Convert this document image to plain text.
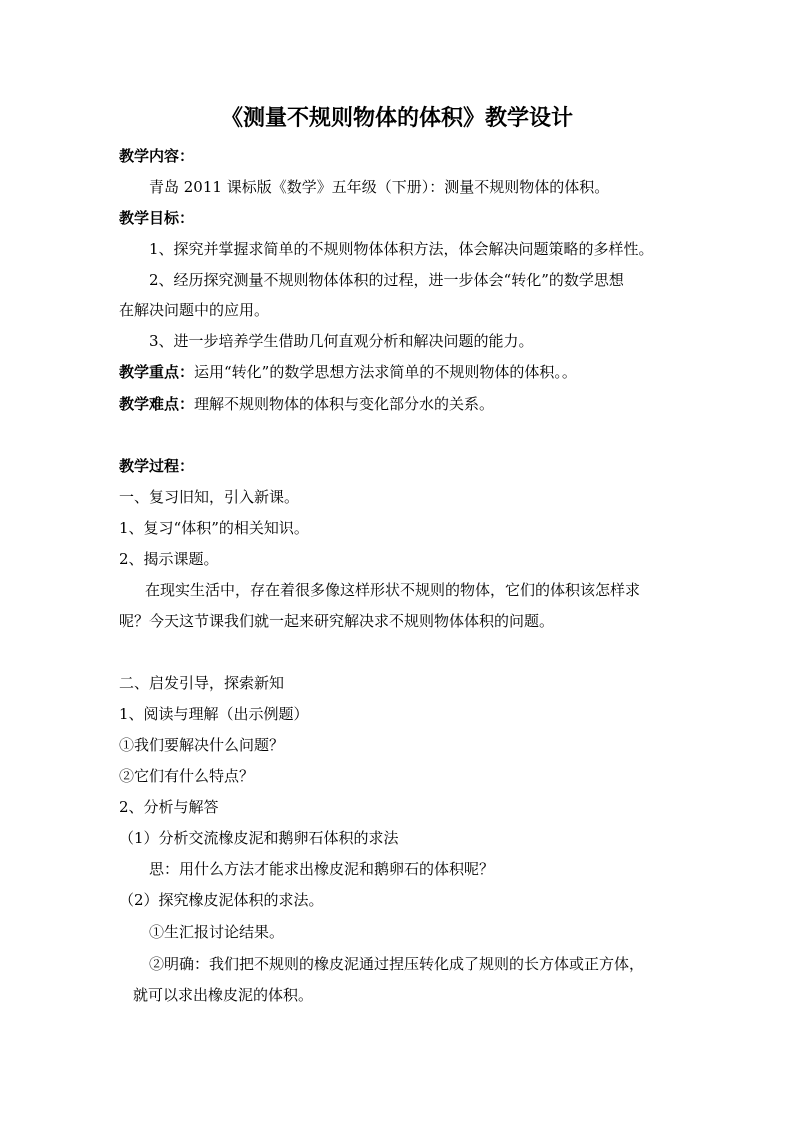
《测量不规则物体的体积》教学设计
教学内容：
青岛 2011 课标版《数学》五年级（下册）：测量不规则物体的体积。
教学目标：
1、探究并掌握求简单的不规则物体体积方法，体会解决问题策略的多样性。
2、经历探究测量不规则物体体积的过程，进一步体会“转化”的数学思想
在解决问题中的应用。
3、进一步培养学生借助几何直观分析和解决问题的能力。
教学重点：运用“转化”的数学思想方法求简单的不规则物体的体积。。
教学难点：理解不规则物体的体积与变化部分水的关系。
教学过程：
一、复习旧知，引入新课。
1、复习“体积”的相关知识。
2、揭示课题。
在现实生活中，存在着很多像这样形状不规则的物体，它们的体积该怎样求
呢？今天这节课我们就一起来研究解决求不规则物体体积的问题。
二、启发引导，探索新知
1、阅读与理解（出示例题）
①我们要解决什么问题？
②它们有什么特点？
2、分析与解答
（1）分析交流橡皮泥和鹅卵石体积的求法
思：用什么方法才能求出橡皮泥和鹅卵石的体积呢？
（2）探究橡皮泥体积的求法。
①生汇报讨论结果。
②明确：我们把不规则的橡皮泥通过捏压转化成了规则的长方体或正方体，
就可以求出橡皮泥的体积。
